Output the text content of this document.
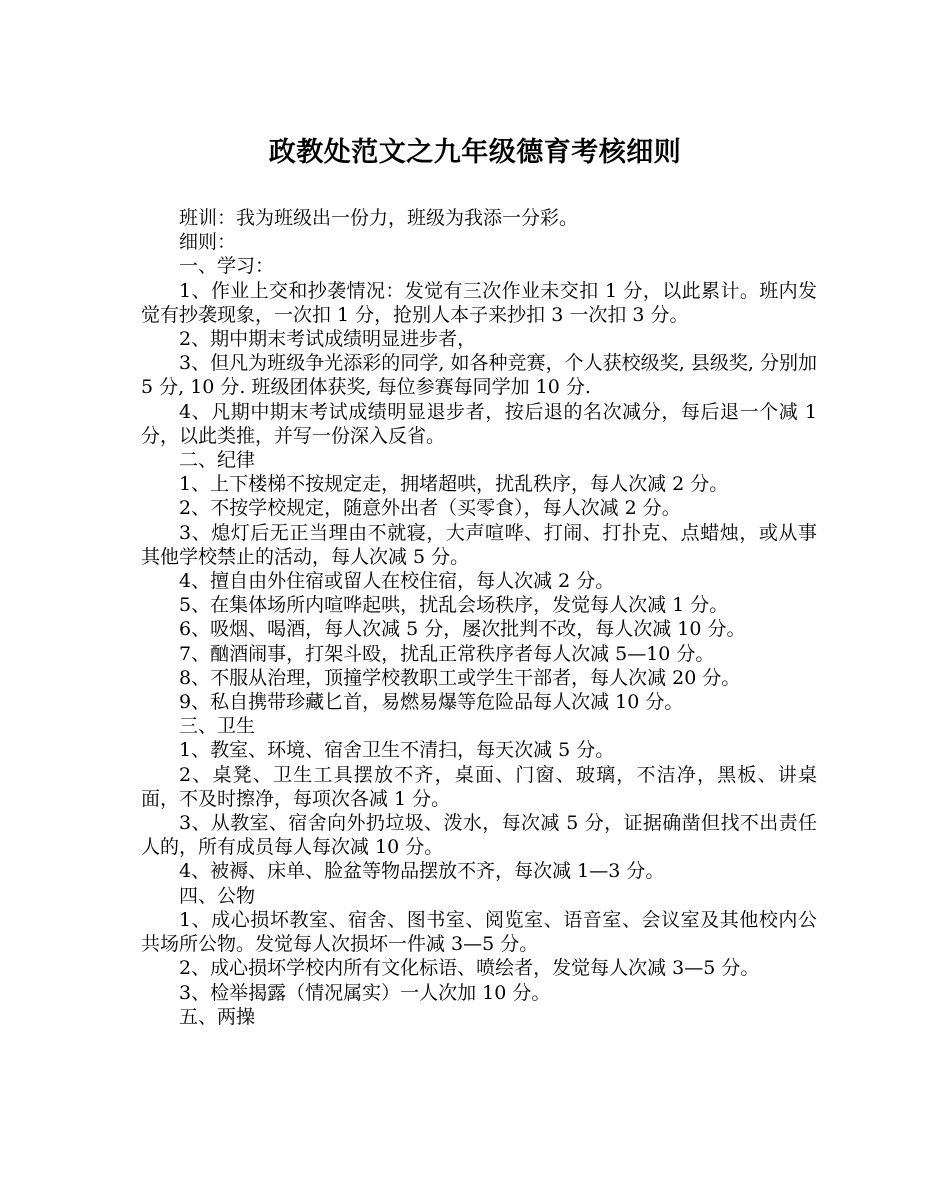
政教处范文之九年级德育考核细则

班训：我为班级出一份力，班级为我添一分彩。

细则：

一、学习：

1、作业上交和抄袭情况：发觉有三次作业未交扣 1 分，以此累计。班内发觉有抄袭现象，一次扣 1 分，抢别人本子来抄扣 3 一次扣 3 分。

2、期中期末考试成绩明显进步者，

3、但凡为班级争光添彩的同学, 如各种竞赛，个人获校级奖, 县级奖, 分别加 5 分, 10 分. 班级团体获奖, 每位参赛每同学加 10 分.

4、凡期中期末考试成绩明显退步者，按后退的名次减分，每后退一个减 1 分，以此类推，并写一份深入反省。

二、纪律

1、上下楼梯不按规定走，拥堵超哄，扰乱秩序，每人次减 2 分。

2、不按学校规定，随意外出者（买零食），每人次减 2 分。

3、熄灯后无正当理由不就寝，大声喧哗、打闹、打扑克、点蜡烛，或从事其他学校禁止的活动，每人次减 5 分。

4、擅自由外住宿或留人在校住宿，每人次减 2 分。

5、在集体场所内喧哗起哄，扰乱会场秩序，发觉每人次减 1 分。

6、吸烟、喝酒，每人次减 5 分，屡次批判不改，每人次减 10 分。

7、酗酒闹事，打架斗殴，扰乱正常秩序者每人次减 5—10 分。

8、不服从治理，顶撞学校教职工或学生干部者，每人次减 20 分。

9、私自携带珍藏匕首，易燃易爆等危险品每人次减 10 分。

三、卫生

1、教室、环境、宿舍卫生不清扫，每天次减 5 分。

2、桌凳、卫生工具摆放不齐，桌面、门窗、玻璃，不洁净，黑板、讲桌面，不及时擦净，每项次各减 1 分。

3、从教室、宿舍向外扔垃圾、泼水，每次减 5 分，证据确凿但找不出责任人的，所有成员每人每次减 10 分。

4、被褥、床单、脸盆等物品摆放不齐，每次减 1—3 分。

四、公物

1、成心损坏教室、宿舍、图书室、阅览室、语音室、会议室及其他校内公共场所公物。发觉每人次损坏一件减 3—5 分。

2、成心损坏学校内所有文化标语、喷绘者，发觉每人次减 3—5 分。

3、检举揭露（情况属实）一人次加 10 分。

五、两操
